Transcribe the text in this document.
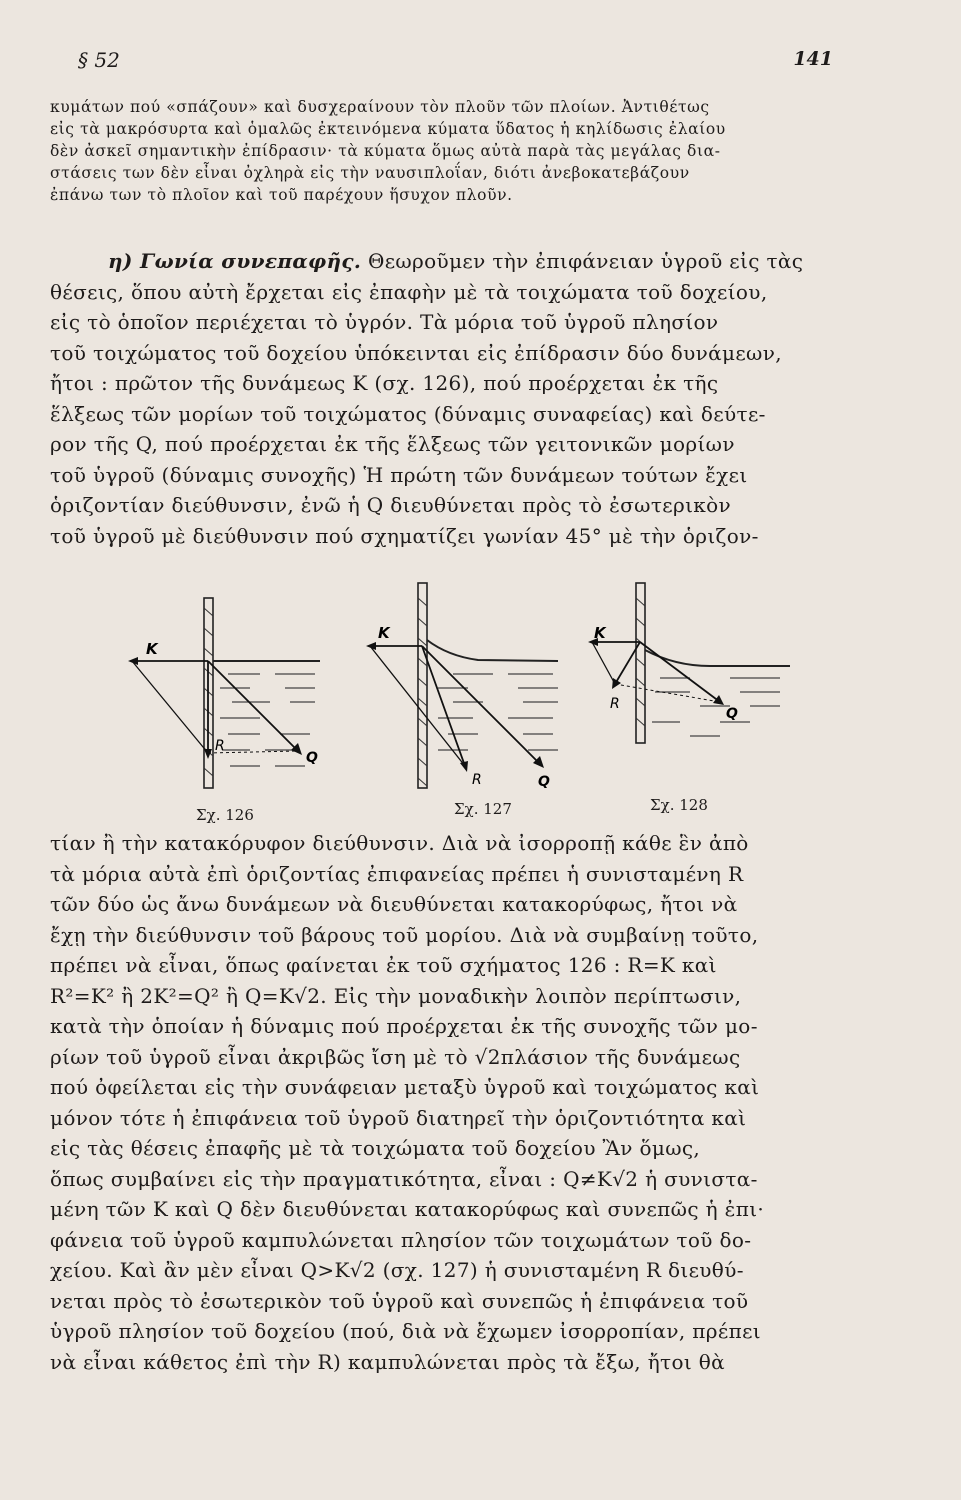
§ 52	141
κυμάτων πού «σπάζουν» καὶ δυσχεραίνουν τὸν πλοῦν τῶν πλοίων. Ἀντιθέτως
εἰς τὰ μακρόσυρτα καὶ ὁμαλῶς ἐκτεινόμενα κύματα ὕδατος ἡ κηλίδωσις ἐλαίου
δὲν ἀσκεῖ σημαντικὴν ἐπίδρασιν· τὰ κύματα ὅμως αὐτὰ παρὰ τὰς μεγάλας δια-
στάσεις των δὲν εἶναι ὀχληρὰ εἰς τὴν ναυσιπλοΐαν, διότι ἀνεβοκατεβάζουν
ἐπάνω των τὸ πλοῖον καὶ τοῦ παρέχουν ἥσυχον πλοῦν.
η) Γωνία συνεπαφῆς. Θεωροῦμεν τὴν ἐπιφάνειαν ὑγροῦ εἰς τὰς
θέσεις, ὅπου αὐτὴ ἔρχεται εἰς ἐπαφὴν μὲ τὰ τοιχώματα τοῦ δοχείου,
εἰς τὸ ὁποῖον περιέχεται τὸ ὑγρόν. Τὰ μόρια τοῦ ὑγροῦ πλησίον
τοῦ τοιχώματος τοῦ δοχείου ὑπόκεινται εἰς ἐπίδρασιν δύο δυνάμεων,
ἤτοι : πρῶτον τῆς δυνάμεως K (σχ. 126), πού προέρχεται ἐκ τῆς
ἕλξεως τῶν μορίων τοῦ τοιχώματος (δύναμις συναφείας) καὶ δεύτε-
ρον τῆς Q, πού προέρχεται ἐκ τῆς ἕλξεως τῶν γειτονικῶν μορίων
τοῦ ὑγροῦ (δύναμις συνοχῆς) Ἡ πρώτη τῶν δυνάμεων τούτων ἔχει
ὁριζοντίαν διεύθυνσιν, ἐνῶ ἡ Q διευθύνεται πρὸς τὸ ἐσωτερικὸν
τοῦ ὑγροῦ μὲ διεύθυνσιν πού σχηματίζει γωνίαν 45° μὲ τὴν ὁριζον-
K
R
Q
Σχ. 126
K
R	Q
Σχ. 127
K
R
Q
Σχ. 128
τίαν ἢ τὴν κατακόρυφον διεύθυνσιν. Διὰ νὰ ἰσορροπῇ κάθε ἓν ἀπὸ
τὰ μόρια αὐτὰ ἐπὶ ὁριζοντίας ἐπιφανείας πρέπει ἡ συνισταμένη R
τῶν δύο ὡς ἄνω δυνάμεων νὰ διευθύνεται κατακορύφως, ἤτοι νὰ
ἔχῃ τὴν διεύθυνσιν τοῦ βάρους τοῦ μορίου. Διὰ νὰ συμβαίνῃ τοῦτο,
πρέπει νὰ εἶναι, ὅπως φαίνεται ἐκ τοῦ σχήματος 126 : R=K καὶ
R²=K² ἢ 2K²=Q² ἢ Q=K√2. Εἰς τὴν μοναδικὴν λοιπὸν περίπτωσιν,
κατὰ τὴν ὁποίαν ἡ δύναμις πού προέρχεται ἐκ τῆς συνοχῆς τῶν μο-
ρίων τοῦ ὑγροῦ εἶναι ἀκριβῶς ἴση μὲ τὸ √2πλάσιον τῆς δυνάμεως
πού ὀφείλεται εἰς τὴν συνάφειαν μεταξὺ ὑγροῦ καὶ τοιχώματος καὶ
μόνον τότε ἡ ἐπιφάνεια τοῦ ὑγροῦ διατηρεῖ τὴν ὁριζοντιότητα καὶ
εἰς τὰς θέσεις ἐπαφῆς μὲ τὰ τοιχώματα τοῦ δοχείου Ἂν ὅμως,
ὅπως συμβαίνει εἰς τὴν πραγματικότητα, εἶναι : Q≠K√2 ἡ συνιστα-
μένη τῶν K καὶ Q δὲν διευθύνεται κατακορύφως καὶ συνεπῶς ἡ ἐπι·
φάνεια τοῦ ὑγροῦ καμπυλώνεται πλησίον τῶν τοιχωμάτων τοῦ δο-
χείου. Καὶ ἂν μὲν εἶναι Q>K√2 (σχ. 127) ἡ συνισταμένη R διευθύ-
νεται πρὸς τὸ ἐσωτερικὸν τοῦ ὑγροῦ καὶ συνεπῶς ἡ ἐπιφάνεια τοῦ
ὑγροῦ πλησίον τοῦ δοχείου (πού, διὰ νὰ ἔχωμεν ἰσορροπίαν, πρέπει
νὰ εἶναι κάθετος ἐπὶ τὴν R) καμπυλώνεται πρὸς τὰ ἔξω, ἤτοι θὰ
